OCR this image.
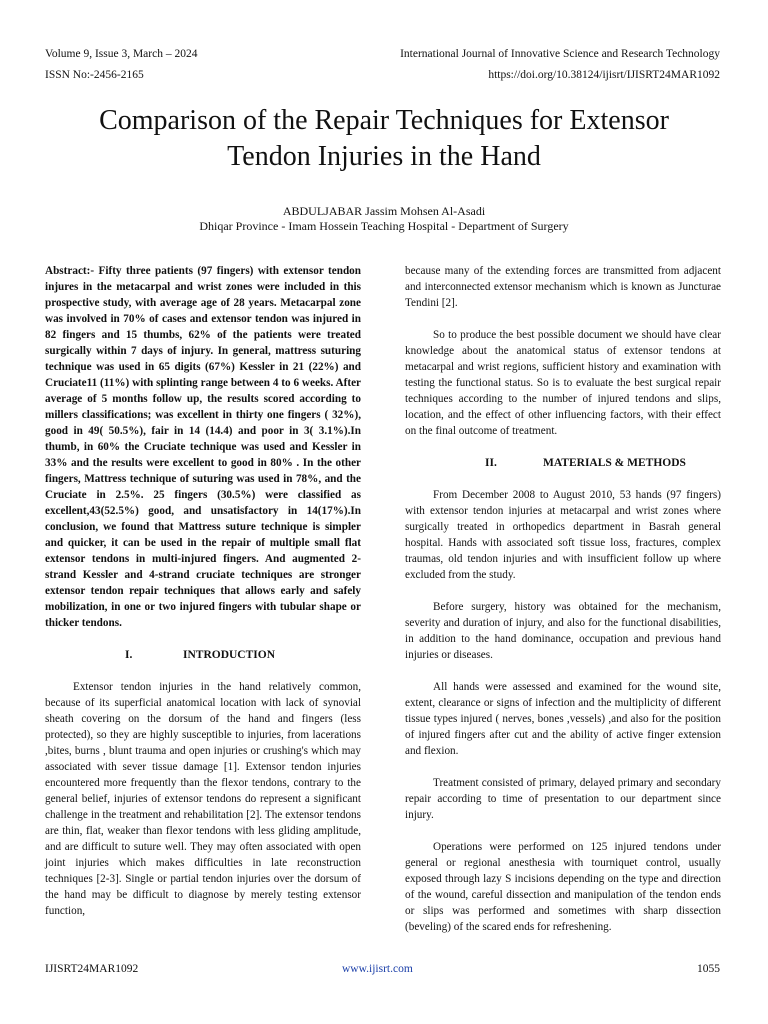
Volume 9, Issue 3, March – 2024
ISSN No:-2456-2165
International Journal of Innovative Science and Research Technology
https://doi.org/10.38124/ijisrt/IJISRT24MAR1092
Comparison of the Repair Techniques for Extensor
Tendon Injuries in the Hand
ABDULJABAR Jassim Mohsen Al-Asadi
Dhiqar Province - Imam Hossein Teaching Hospital - Department of Surgery

Abstract:- Fifty three patients (97 fingers) with extensor tendon injures in the metacarpal and wrist zones were included in this prospective study, with average age of 28 years. Metacarpal zone was involved in 70% of cases and extensor tendon was injured in 82 fingers and 15 thumbs, 62% of the patients were treated surgically within 7 days of injury. In general, mattress suturing technique was used in 65 digits (67%) Kessler in 21 (22%) and Cruciate11 (11%) with splinting range between 4 to 6 weeks. After average of 5 months follow up, the results scored according to millers classifications; was excellent in thirty one fingers ( 32%), good in 49( 50.5%), fair in 14 (14.4) and poor in 3( 3.1%).In thumb, in 60% the Cruciate technique was used and Kessler in 33% and the results were excellent to good in 80% . In the other fingers, Mattress technique of suturing was used in 78%, and the Cruciate in 2.5%. 25 fingers (30.5%) were classified as excellent,43(52.5%) good, and unsatisfactory in 14(17%).In conclusion, we found that Mattress suture technique is simpler and quicker, it can be used in the repair of multiple small flat extensor tendons in multi-injured fingers. And augmented 2-strand Kessler and 4-strand cruciate techniques are stronger extensor tendon repair techniques that allows early and safely mobilization, in one or two injured fingers with tubular shape or thicker tendons.

I.	INTRODUCTION

Extensor tendon injuries in the hand relatively common, because of its superficial anatomical location with lack of synovial sheath covering on the dorsum of the hand and fingers (less protected), so they are highly susceptible to injuries, from lacerations ,bites, burns , blunt trauma and open injuries or crushing's which may associated with sever tissue damage [1]. Extensor tendon injuries encountered more frequently than the flexor tendons, contrary to the general belief, injuries of extensor tendons do represent a significant challenge in the treatment and rehabilitation [2]. The extensor tendons are thin, flat, weaker than flexor tendons with less gliding amplitude, and are difficult to suture well. They may often associated with open joint injuries which makes difficulties in late reconstruction techniques [2-3]. Single or partial tendon injuries over the dorsum of the hand may be difficult to diagnose by merely testing extensor function,

because many of the extending forces are transmitted from adjacent and interconnected extensor mechanism which is known as Juncturae Tendini [2].

So to produce the best possible document we should have clear knowledge about the anatomical status of extensor tendons at metacarpal and wrist regions, sufficient history and examination with testing the functional status. So is to evaluate the best surgical repair techniques according to the number of injured tendons and slips, location, and the effect of other influencing factors, with their effect on the final outcome of treatment.

II.	MATERIALS & METHODS

From December 2008 to August 2010, 53 hands (97 fingers) with extensor tendon injuries at metacarpal and wrist zones where surgically treated in orthopedics department in Basrah general hospital. Hands with associated soft tissue loss, fractures, complex traumas, old tendon injuries and with insufficient follow up where excluded from the study.

Before surgery, history was obtained for the mechanism, severity and duration of injury, and also for the functional disabilities, in addition to the hand dominance, occupation and previous hand injuries or diseases.

All hands were assessed and examined for the wound site, extent, clearance or signs of infection and the multiplicity of different tissue types injured ( nerves, bones ,vessels) ,and also for the position of injured fingers after cut and the ability of active finger extension and flexion.

Treatment consisted of primary, delayed primary and secondary repair according to time of presentation to our department since injury.

Operations were performed on 125 injured tendons under general or regional anesthesia with tourniquet control, usually exposed through lazy S incisions depending on the type and direction of the wound, careful dissection and manipulation of the tendon ends or slips was performed and sometimes with sharp dissection (beveling) of the scared ends for refreshening.

IJISRT24MAR1092	www.ijisrt.com	1055
